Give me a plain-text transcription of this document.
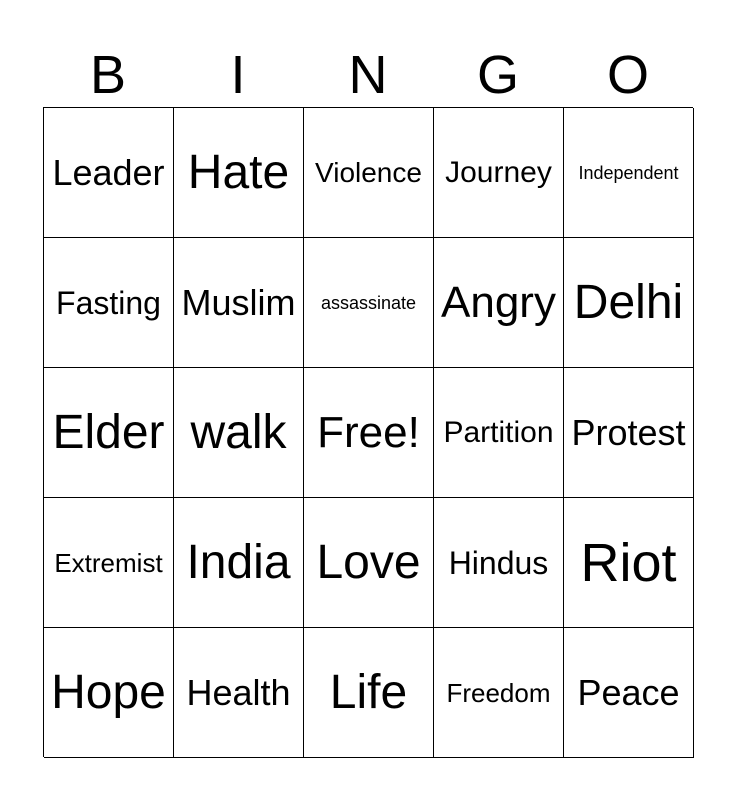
B	I	N	G	O
Leader Hate Violence Journey Independent
Fasting Muslim assassinate Angry Delhi
Elder walk Free! Partition Protest
Extremist India Love Hindus Riot
Hope Health Life Freedom Peace
